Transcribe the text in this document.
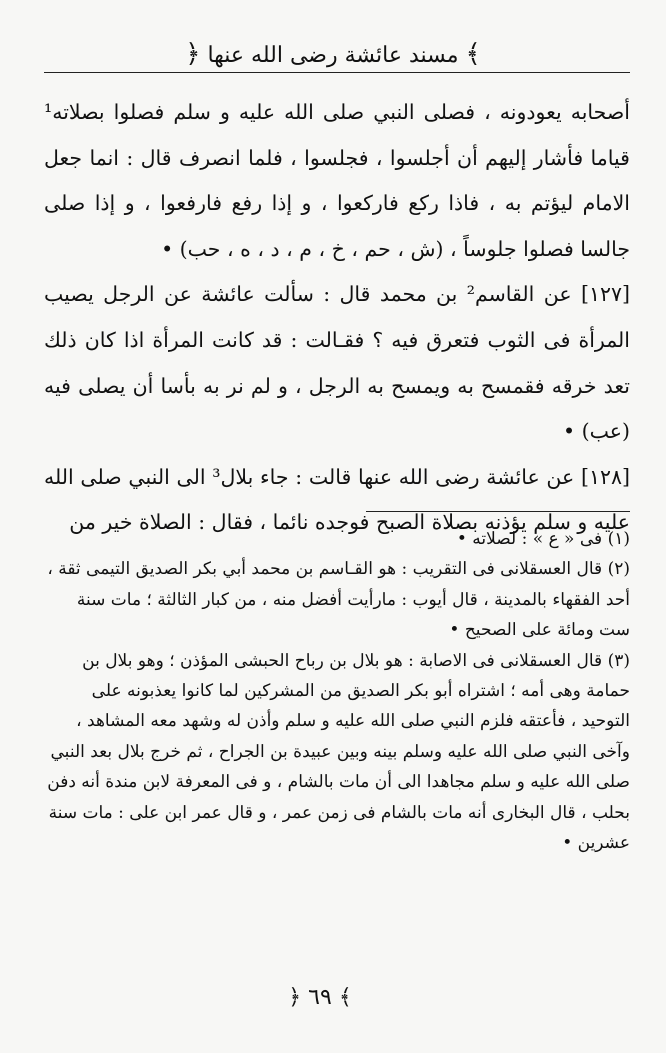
﴿ مسند عائشة رضى الله عنها ﴾

أصحابه يعودونه ، فصلى النبي صلى الله عليه و سلم فصلوا بصلاته¹ قياما فأشار إليهم أن أجلسوا ، فجلسوا ، فلما انصرف قال : انما جعل الامام ليؤتم به ، فاذا ركع فاركعوا ، و إذا رفع فارفعوا ، و إذا صلى جالسا فصلوا جلوساً ، (ش ، حم ، خ ، م ، د ، ه ، حب) •

[١٢٧] عن القاسم² بن محمد قال : سألت عائشة عن الرجل يصيب المرأة فى الثوب فتعرق فيه ؟ فقـالت : قد كانت المرأة اذا كان ذلك تعد خرقه فقمسح به ويمسح به الرجل ، و لم نر به بأسا أن يصلى فيه (عب) •

[١٢٨] عن عائشة رضى الله عنها قالت : جاء بلال³ الى النبي صلى الله عليه و سلم يؤذنه بصلاة الصبح فوجده نائما ، فقال : الصلاة خير من

(١) فى « ع » : لصلاته •

(٢) قال العسقلانى فى التقريب : هو القـاسم بن محمد أبي بكر الصديق التيمى ثقة ، أحد الفقهاء بالمدينة ، قال أيوب : مارأيت أفضل منه ، من كبار الثالثة ؛ مات سنة ست ومائة على الصحيح •

(٣) قال العسقلانى فى الاصابة : هو بلال بن رباح الحبشى المؤذن ؛ وهو بلال بن حمامة وهى أمه ؛ اشتراه أبو بكر الصديق من المشركين لما كانوا يعذبونه على التوحيد ، فأعتقه فلزم النبي صلى الله عليه و سلم وأذن له وشهد معه المشاهد ، وآخى النبي صلى الله عليه وسلم بينه وبين عبيدة بن الجراح ، ثم خرج بلال بعد النبي صلى الله عليه و سلم مجاهدا الى أن مات بالشام ، و فى المعرفة لابن مندة أنه دفن بحلب ، قال البخارى أنه مات بالشام فى زمن عمر ، و قال عمر ابن على : مات سنة عشرين •

﴿ ٦٩ ﴾
